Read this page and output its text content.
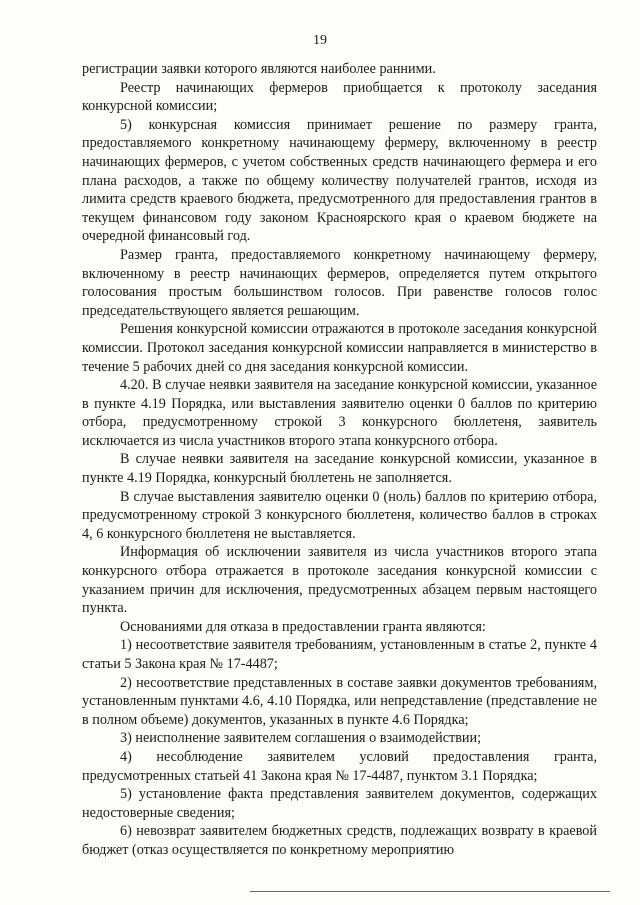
19

регистрации заявки которого являются наиболее ранними.

Реестр начинающих фермеров приобщается к протоколу заседания конкурсной комиссии;

5) конкурсная комиссия принимает решение по размеру гранта, предоставляемого конкретному начинающему фермеру, включенному в реестр начинающих фермеров, с учетом собственных средств начинающего фермера и его плана расходов, а также по общему количеству получателей грантов, исходя из лимита средств краевого бюджета, предусмотренного для предоставления грантов в текущем финансовом году законом Красноярского края о краевом бюджете на очередной финансовый год.

Размер гранта, предоставляемого конкретному начинающему фермеру, включенному в реестр начинающих фермеров, определяется путем открытого голосования простым большинством голосов. При равенстве голосов голос председательствующего является решающим.

Решения конкурсной комиссии отражаются в протоколе заседания конкурсной комиссии. Протокол заседания конкурсной комиссии направляется в министерство в течение 5 рабочих дней со дня заседания конкурсной комиссии.

4.20. В случае неявки заявителя на заседание конкурсной комиссии, указанное в пункте 4.19 Порядка, или выставления заявителю оценки 0 баллов по критерию отбора, предусмотренному строкой 3 конкурсного бюллетеня, заявитель исключается из числа участников второго этапа конкурсного отбора.

В случае неявки заявителя на заседание конкурсной комиссии, указанное в пункте 4.19 Порядка, конкурсный бюллетень не заполняется.

В случае выставления заявителю оценки 0 (ноль) баллов по критерию отбора, предусмотренному строкой 3 конкурсного бюллетеня, количество баллов в строках 4, 6 конкурсного бюллетеня не выставляется.

Информация об исключении заявителя из числа участников второго этапа конкурсного отбора отражается в протоколе заседания конкурсной комиссии с указанием причин для исключения, предусмотренных абзацем первым настоящего пункта.

Основаниями для отказа в предоставлении гранта являются:

1) несоответствие заявителя требованиям, установленным в статье 2, пункте 4 статьи 5 Закона края № 17-4487;

2) несоответствие представленных в составе заявки документов требованиям, установленным пунктами 4.6, 4.10 Порядка, или непредставление (представление не в полном объеме) документов, указанных в пункте 4.6 Порядка;

3) неисполнение заявителем соглашения о взаимодействии;

4) несоблюдение заявителем условий предоставления гранта, предусмотренных статьей 41 Закона края № 17-4487, пунктом 3.1 Порядка;

5) установление факта представления заявителем документов, содержащих недостоверные сведения;

6) невозврат заявителем бюджетных средств, подлежащих возврату в краевой бюджет (отказ осуществляется по конкретному мероприятию
